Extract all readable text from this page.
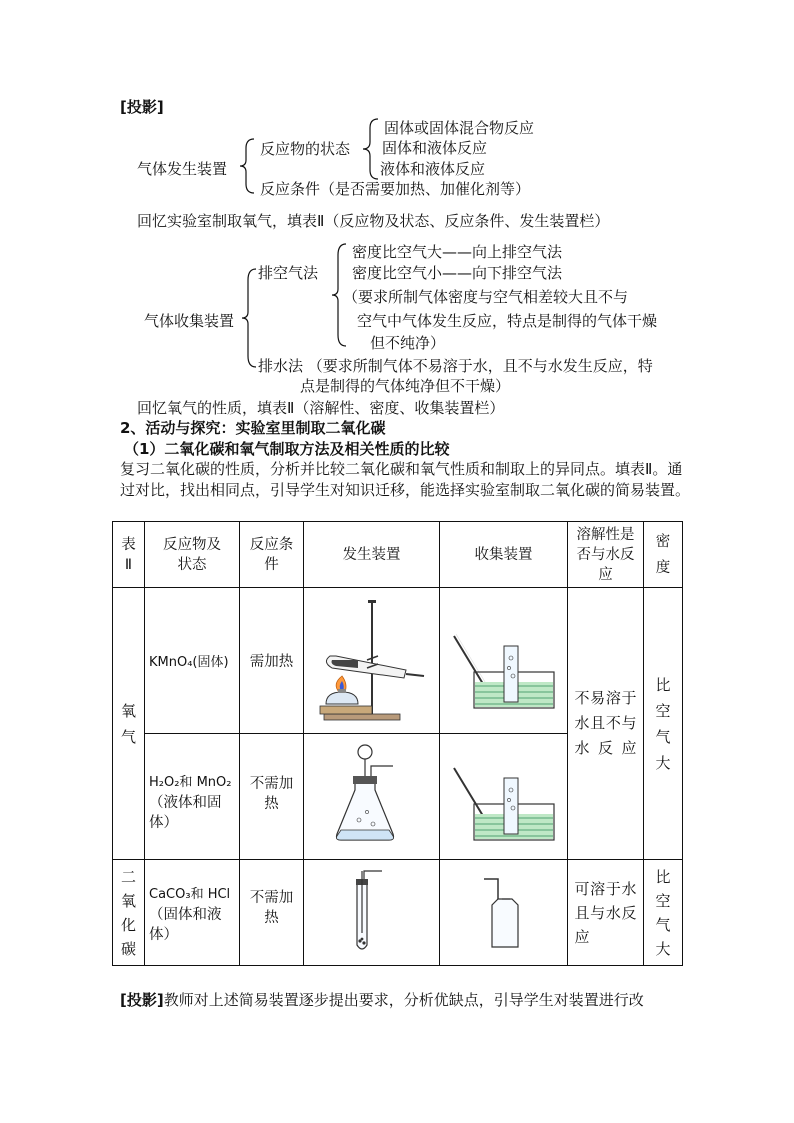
[投影]
气体发生装置
反应物的状态
固体或固体混合物反应
固体和液体反应
液体和液体反应
反应条件（是否需要加热、加催化剂等）
回忆实验室制取氧气，填表Ⅱ（反应物及状态、反应条件、发生装置栏）
气体收集装置
排空气法
密度比空气大——向上排空气法
密度比空气小——向下排空气法
（要求所制气体密度与空气相差较大且不与
空气中气体发生反应，特点是制得的气体干燥
但不纯净）
排水法 （要求所制气体不易溶于水，且不与水发生反应，特
点是制得的气体纯净但不干燥）
回忆氧气的性质，填表Ⅱ（溶解性、密度、收集装置栏）
2、活动与探究：实验室里制取二氧化碳
（1）二氧化碳和氧气制取方法及相关性质的比较
复习二氧化碳的性质，分析并比较二氧化碳和氧气性质和制取上的异同点。填表Ⅱ。通过对比，找出相同点，引导学生对知识迁移，能选择实验室制取二氧化碳的简易装置。
表Ⅱ	反应物及状态	反应条件	发生装置	收集装置	溶解性是否与水反应	密度

氧气	KMnO₄(固体)	需加热			不易溶于水且不与水反应	比空气大

	H₂O₂和 MnO₂
（液体和固体）	不需加热

二氧化碳	CaCO₃和 HCl
（固体和液体）	不需加热			可溶于水且与水反应	比空气大
[投影]教师对上述简易装置逐步提出要求，分析优缺点，引导学生对装置进行改
